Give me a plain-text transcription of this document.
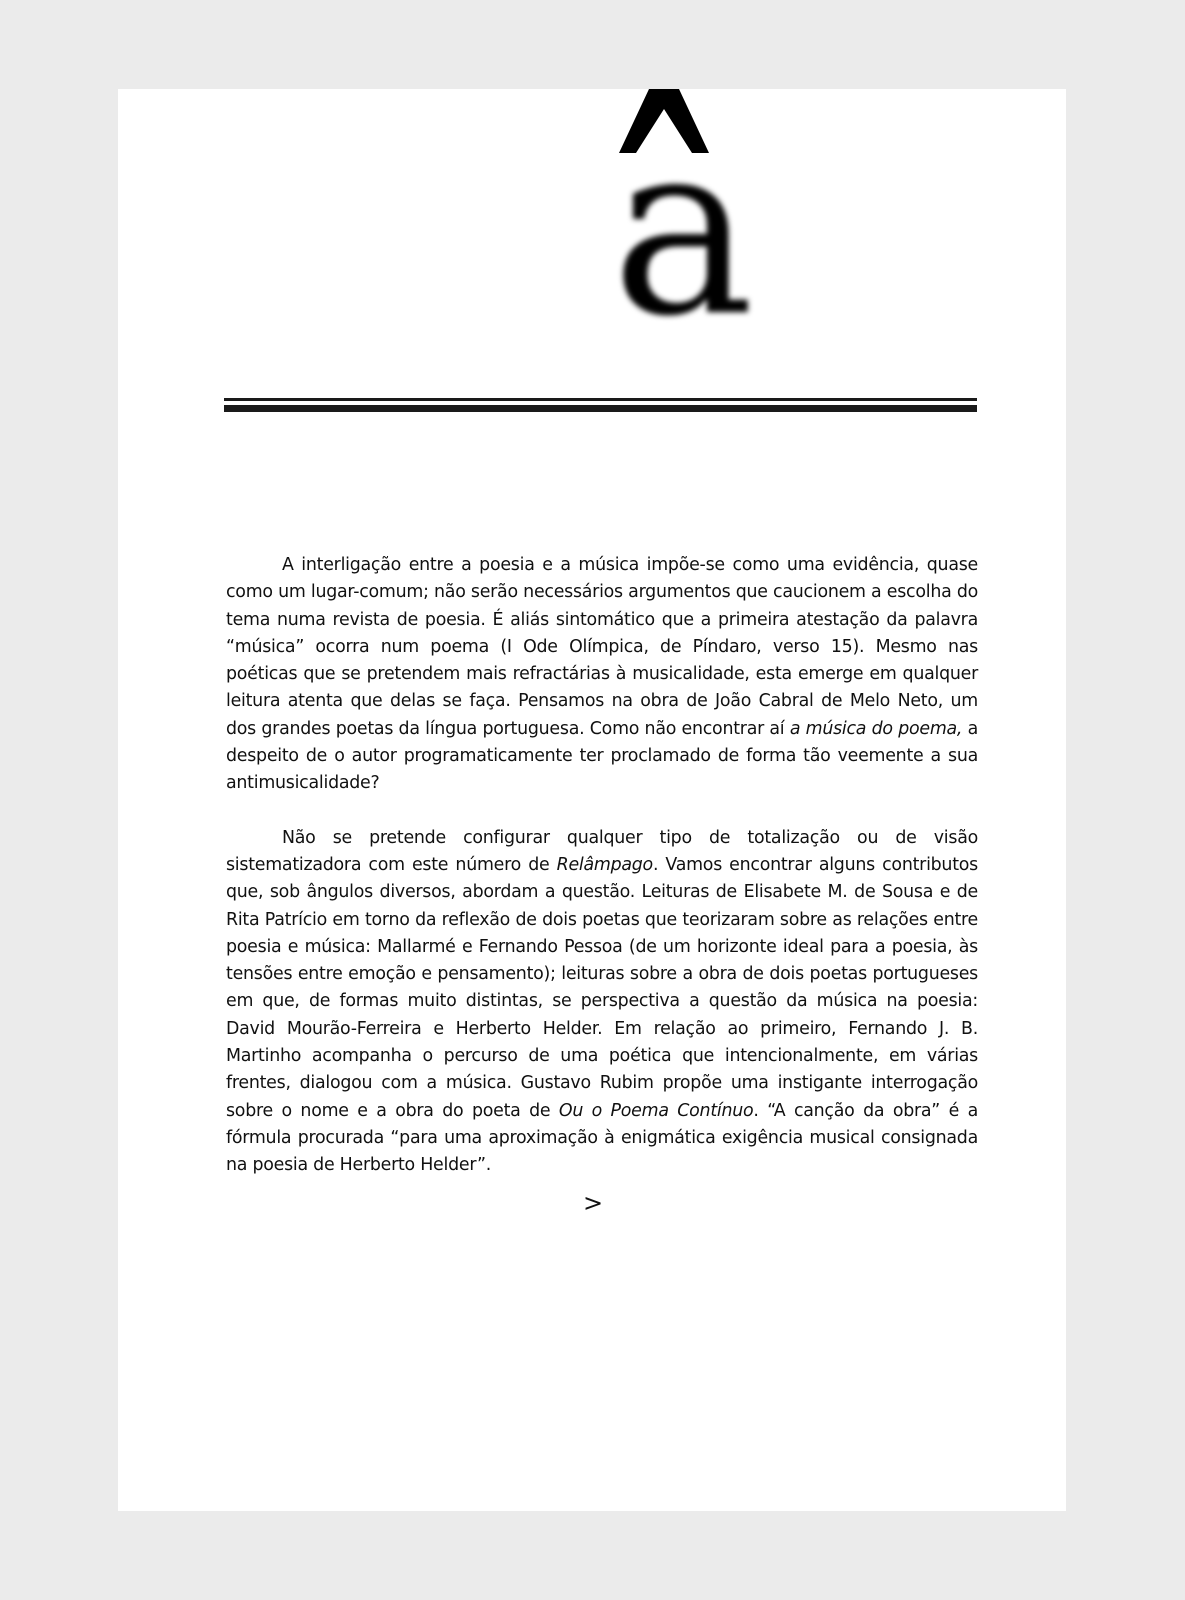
a

A interligação entre a poesia e a música impõe-se como uma evidência, quase como um lugar-comum; não serão necessários argumentos que caucionem a escolha do tema numa revista de poesia. É aliás sintomático que a primeira atestação da palavra “música” ocorra num poema (I Ode Olímpica, de Píndaro, verso 15). Mesmo nas poéticas que se pretendem mais refractárias à musicalidade, esta emerge em qualquer leitura atenta que delas se faça. Pensamos na obra de João Cabral de Melo Neto, um dos grandes poetas da língua portuguesa. Como não encontrar aí a música do poema, a despeito de o autor programaticamente ter proclamado de forma tão veemente a sua antimusicalidade?

Não se pretende configurar qualquer tipo de totalização ou de visão sistematizadora com este número de Relâmpago. Vamos encontrar alguns contributos que, sob ângulos diversos, abordam a questão. Leituras de Elisabete M. de Sousa e de Rita Patrício em torno da reflexão de dois poetas que teorizaram sobre as relações entre poesia e música: Mallarmé e Fernando Pessoa (de um horizonte ideal para a poesia, às tensões entre emoção e pensamento); leituras sobre a obra de dois poetas portugueses em que, de formas muito distintas, se perspectiva a questão da música na poesia: David Mourão-Ferreira e Herberto Helder. Em relação ao primeiro, Fernando J. B. Martinho acompanha o percurso de uma poética que intencionalmente, em várias frentes, dialogou com a música. Gustavo Rubim propõe uma instigante interrogação sobre o nome e a obra do poeta de Ou o Poema Contínuo. “A canção da obra” é a fórmula procurada “para uma aproximação à enigmática exigência musical consignada na poesia de Herberto Helder”.

>
